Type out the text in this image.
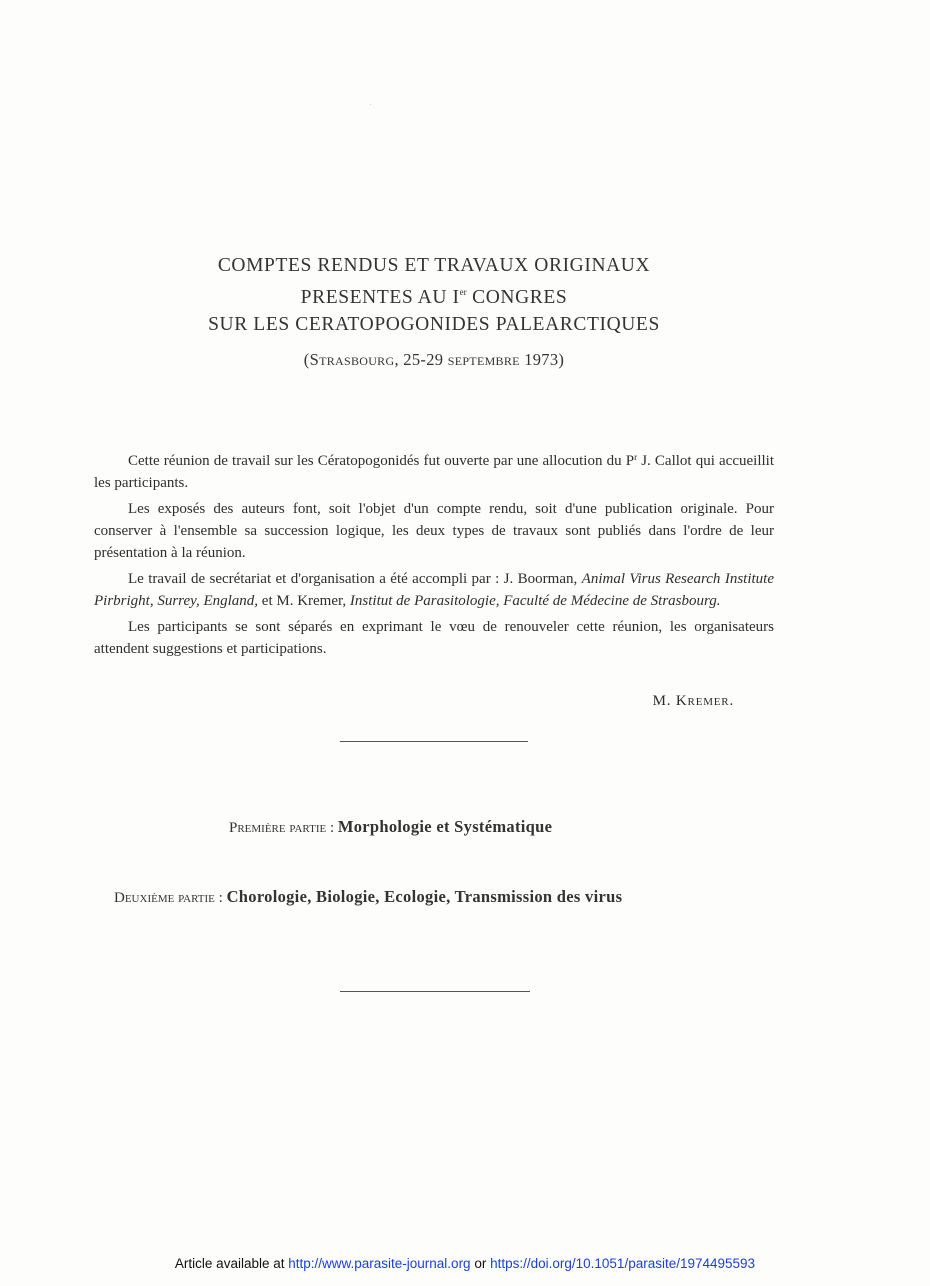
COMPTES RENDUS ET TRAVAUX ORIGINAUX
PRESENTES AU Ier CONGRES
SUR LES CERATOPOGONIDES PALEARCTIQUES
(Strasbourg, 25-29 septembre 1973)

Cette réunion de travail sur les Cératopogonidés fut ouverte par une allocution du $P^r$ J. Callot qui accueillit les participants.

Les exposés des auteurs font, soit l'objet d'un compte rendu, soit d'une publication originale. Pour conserver à l'ensemble sa succession logique, les deux types de travaux sont publiés dans l'ordre de leur présentation à la réunion.

Le travail de secrétariat et d'organisation a été accompli par : J. Boorman, Animal Virus Research Institute Pirbright, Surrey, England, et M. Kremer, Institut de Parasitologie, Faculté de Médecine de Strasbourg.

Les participants se sont séparés en exprimant le vœu de renouveler cette réunion, les organisateurs attendent suggestions et participations.

M. Kremer.
Première partie : Morphologie et Systématique
Deuxième partie : Chorologie, Biologie, Ecologie, Transmission des virus
Article available at http://www.parasite-journal.org or https://doi.org/10.1051/parasite/1974495593
